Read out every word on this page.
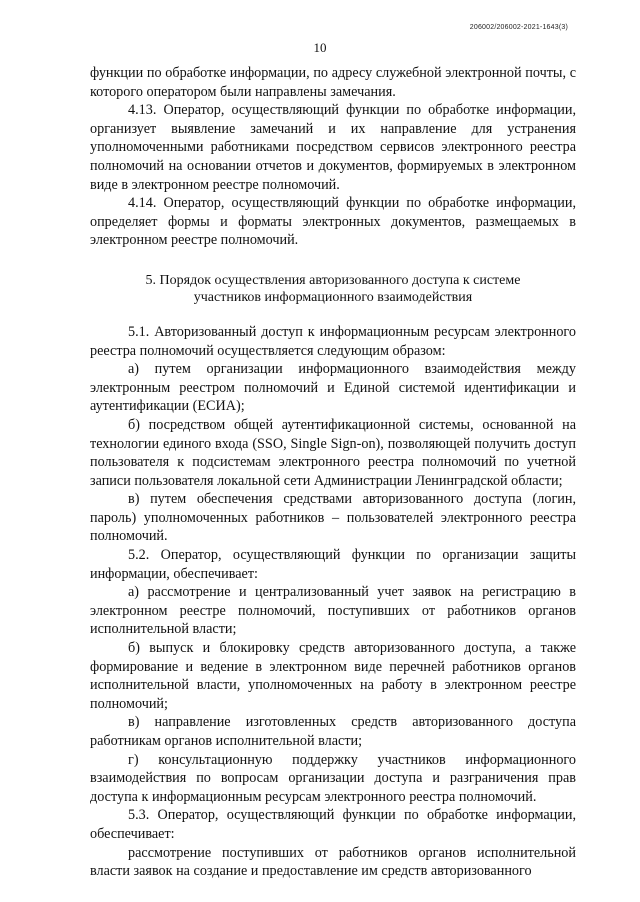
206002/206002-2021-1643(3)
10

функции по обработке информации, по адресу служебной электронной почты, с которого оператором были направлены замечания.

4.13. Оператор, осуществляющий функции по обработке информации, организует выявление замечаний и их направление для устранения уполномоченными работниками посредством сервисов электронного реестра полномочий на основании отчетов и документов, формируемых в электронном виде в электронном реестре полномочий.

4.14. Оператор, осуществляющий функции по обработке информации, определяет формы и форматы электронных документов, размещаемых в электронном реестре полномочий.

5. Порядок осуществления авторизованного доступа к системе
участников информационного взаимодействия

5.1. Авторизованный доступ к информационным ресурсам электронного реестра полномочий осуществляется следующим образом:

а) путем организации информационного взаимодействия между электронным реестром полномочий и Единой системой идентификации и аутентификации (ЕСИА);

б) посредством общей аутентификационной системы, основанной на технологии единого входа (SSO, Single Sign-on), позволяющей получить доступ пользователя к подсистемам электронного реестра полномочий по учетной записи пользователя локальной сети Администрации Ленинградской области;

в) путем обеспечения средствами авторизованного доступа (логин, пароль) уполномоченных работников – пользователей электронного реестра полномочий.

5.2. Оператор, осуществляющий функции по организации защиты информации, обеспечивает:

а) рассмотрение и централизованный учет заявок на регистрацию в электронном реестре полномочий, поступивших от работников органов исполнительной власти;

б) выпуск и блокировку средств авторизованного доступа, а также формирование и ведение в электронном виде перечней работников органов исполнительной власти, уполномоченных на работу в электронном реестре полномочий;

в) направление изготовленных средств авторизованного доступа работникам органов исполнительной власти;

г) консультационную поддержку участников информационного взаимодействия по вопросам организации доступа и разграничения прав доступа к информационным ресурсам электронного реестра полномочий.

5.3. Оператор, осуществляющий функции по обработке информации, обеспечивает:

рассмотрение поступивших от работников органов исполнительной власти заявок на создание и предоставление им средств авторизованного
